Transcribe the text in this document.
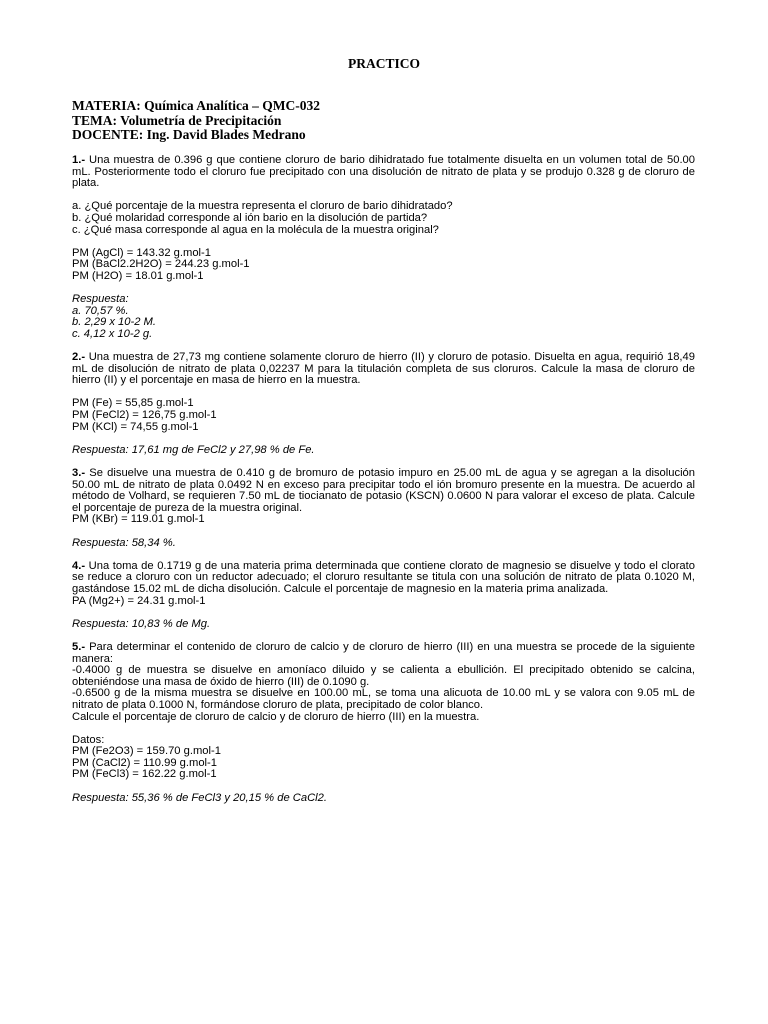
PRACTICO
MATERIA: Química Analítica – QMC-032
TEMA: Volumetría de Precipitación
DOCENTE: Ing. David Blades Medrano

1.- Una muestra de 0.396 g que contiene cloruro de bario dihidratado fue totalmente disuelta en un volumen total de 50.00 mL. Posteriormente todo el cloruro fue precipitado con una disolución de nitrato de plata y se produjo 0.328 g de cloruro de plata.

a. ¿Qué porcentaje de la muestra representa el cloruro de bario dihidratado?

b. ¿Qué molaridad corresponde al ión bario en la disolución de partida?

c. ¿Qué masa corresponde al agua en la molécula de la muestra original?

PM (AgCl) = 143.32 g.mol-1

PM (BaCl2.2H2O) = 244.23 g.mol-1

PM (H2O) = 18.01 g.mol-1

Respuesta:

a. 70,57 %.

b. 2,29 x 10-2 M.

c. 4,12 x 10-2 g.

2.- Una muestra de 27,73 mg contiene solamente cloruro de hierro (II) y cloruro de potasio. Disuelta en agua, requirió 18,49 mL de disolución de nitrato de plata 0,02237 M para la titulación completa de sus cloruros. Calcule la masa de cloruro de hierro (II) y el porcentaje en masa de hierro en la muestra.

PM (Fe) = 55,85 g.mol-1

PM (FeCl2) = 126,75 g.mol-1

PM (KCl) = 74,55 g.mol-1

Respuesta: 17,61 mg de FeCl2 y 27,98 % de Fe.

3.- Se disuelve una muestra de 0.410 g de bromuro de potasio impuro en 25.00 mL de agua y se agregan a la disolución 50.00 mL de nitrato de plata 0.0492 N en exceso para precipitar todo el ión bromuro presente en la muestra. De acuerdo al método de Volhard, se requieren 7.50 mL de tiocianato de potasio (KSCN) 0.0600 N para valorar el exceso de plata. Calcule el porcentaje de pureza de la muestra original.

PM (KBr) = 119.01 g.mol-1

Respuesta: 58,34 %.

4.- Una toma de 0.1719 g de una materia prima determinada que contiene clorato de magnesio se disuelve y todo el clorato se reduce a cloruro con un reductor adecuado; el cloruro resultante se titula con una solución de nitrato de plata 0.1020 M, gastándose 15.02 mL de dicha disolución. Calcule el porcentaje de magnesio en la materia prima analizada.

PA (Mg2+) = 24.31 g.mol-1

Respuesta: 10,83 % de Mg.

5.- Para determinar el contenido de cloruro de calcio y de cloruro de hierro (III) en una muestra se procede de la siguiente manera:

-0.4000 g de muestra se disuelve en amoníaco diluido y se calienta a ebullición. El precipitado obtenido se calcina, obteniéndose una masa de óxido de hierro (III) de 0.1090 g.

-0.6500 g de la misma muestra se disuelve en 100.00 mL, se toma una alicuota de 10.00 mL y se valora con 9.05 mL de nitrato de plata 0.1000 N, formándose cloruro de plata, precipitado de color blanco.

Calcule el porcentaje de cloruro de calcio y de cloruro de hierro (III) en la muestra.

Datos:

PM (Fe2O3) = 159.70 g.mol-1

PM (CaCl2) = 110.99 g.mol-1

PM (FeCl3) = 162.22 g.mol-1

Respuesta: 55,36 % de FeCl3 y 20,15 % de CaCl2.
